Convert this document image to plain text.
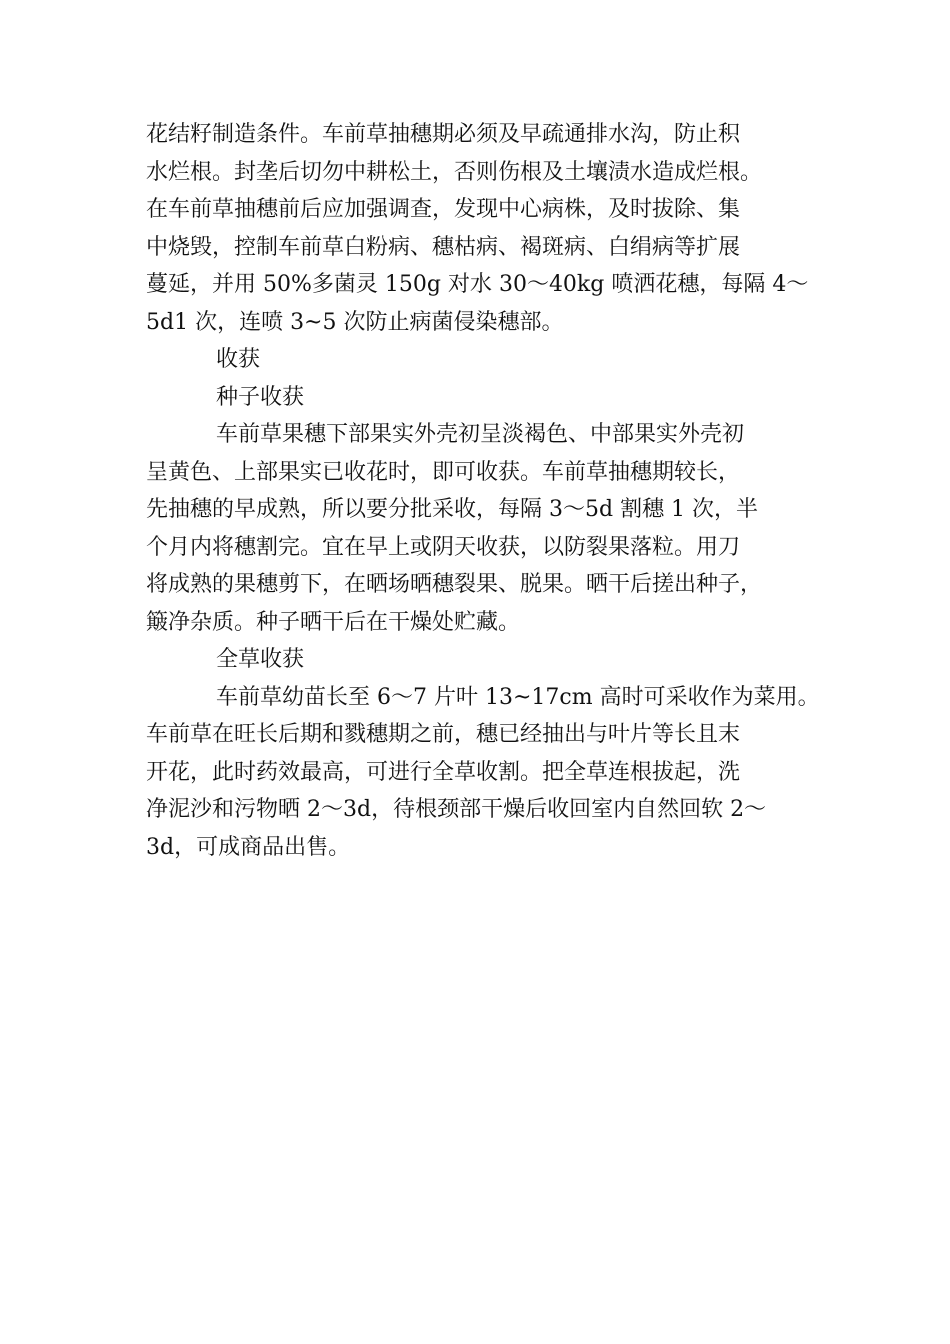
花结籽制造条件。车前草抽穗期必须及早疏通排水沟，防止积
水烂根。封垄后切勿中耕松土，否则伤根及土壤渍水造成烂根。
在车前草抽穗前后应加强调查，发现中心病株，及时拔除、集
中烧毁，控制车前草白粉病、穗枯病、褐斑病、白绢病等扩展
蔓延，并用 50%多菌灵 150g 对水 30～40kg 喷洒花穗，每隔 4～
5d1 次，连喷 3~5 次防止病菌侵染穗部。
收获
种子收获
车前草果穗下部果实外壳初呈淡褐色、中部果实外壳初
呈黄色、上部果实已收花时，即可收获。车前草抽穗期较长，
先抽穗的早成熟，所以要分批采收，每隔 3～5d 割穗 1 次，半
个月内将穗割完。宜在早上或阴天收获，以防裂果落粒。用刀
将成熟的果穗剪下，在晒场晒穗裂果、脱果。晒干后搓出种子，
簸净杂质。种子晒干后在干燥处贮藏。
全草收获
车前草幼苗长至 6～7 片叶 13~17cm 高时可采收作为菜用。
车前草在旺长后期和戮穗期之前，穗已经抽出与叶片等长且末
开花，此时药效最高，可进行全草收割。把全草连根拔起，洗
净泥沙和污物晒 2～3d，待根颈部干燥后收回室内自然回软 2～
3d，可成商品出售。
